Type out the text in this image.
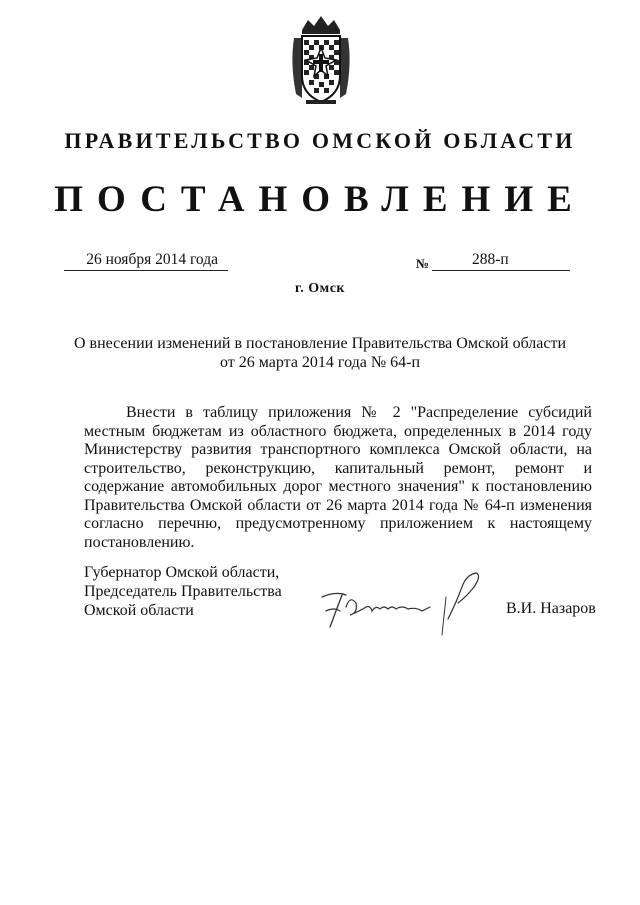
ПРАВИТЕЛЬСТВО ОМСКОЙ ОБЛАСТИ
ПОСТАНОВЛЕНИЕ
26 ноября 2014 года	№	288-п
г. Омск
О внесении изменений в постановление Правительства Омской области
от 26 марта 2014 года № 64-п
Внести в таблицу приложения № 2 "Распределение субсидий местным бюджетам из областного бюджета, определенных в 2014 году Министерству развития транспортного комплекса Омской области, на строительство, реконструкцию, капитальный ремонт, ремонт и содержание автомобильных дорог местного значения" к постановлению Правительства Омской области от 26 марта 2014 года № 64-п изменения согласно перечню, предусмотренному приложением к настоящему постановлению.
Губернатор Омской области,
Председатель Правительства
Омской области	В.И. Назаров
